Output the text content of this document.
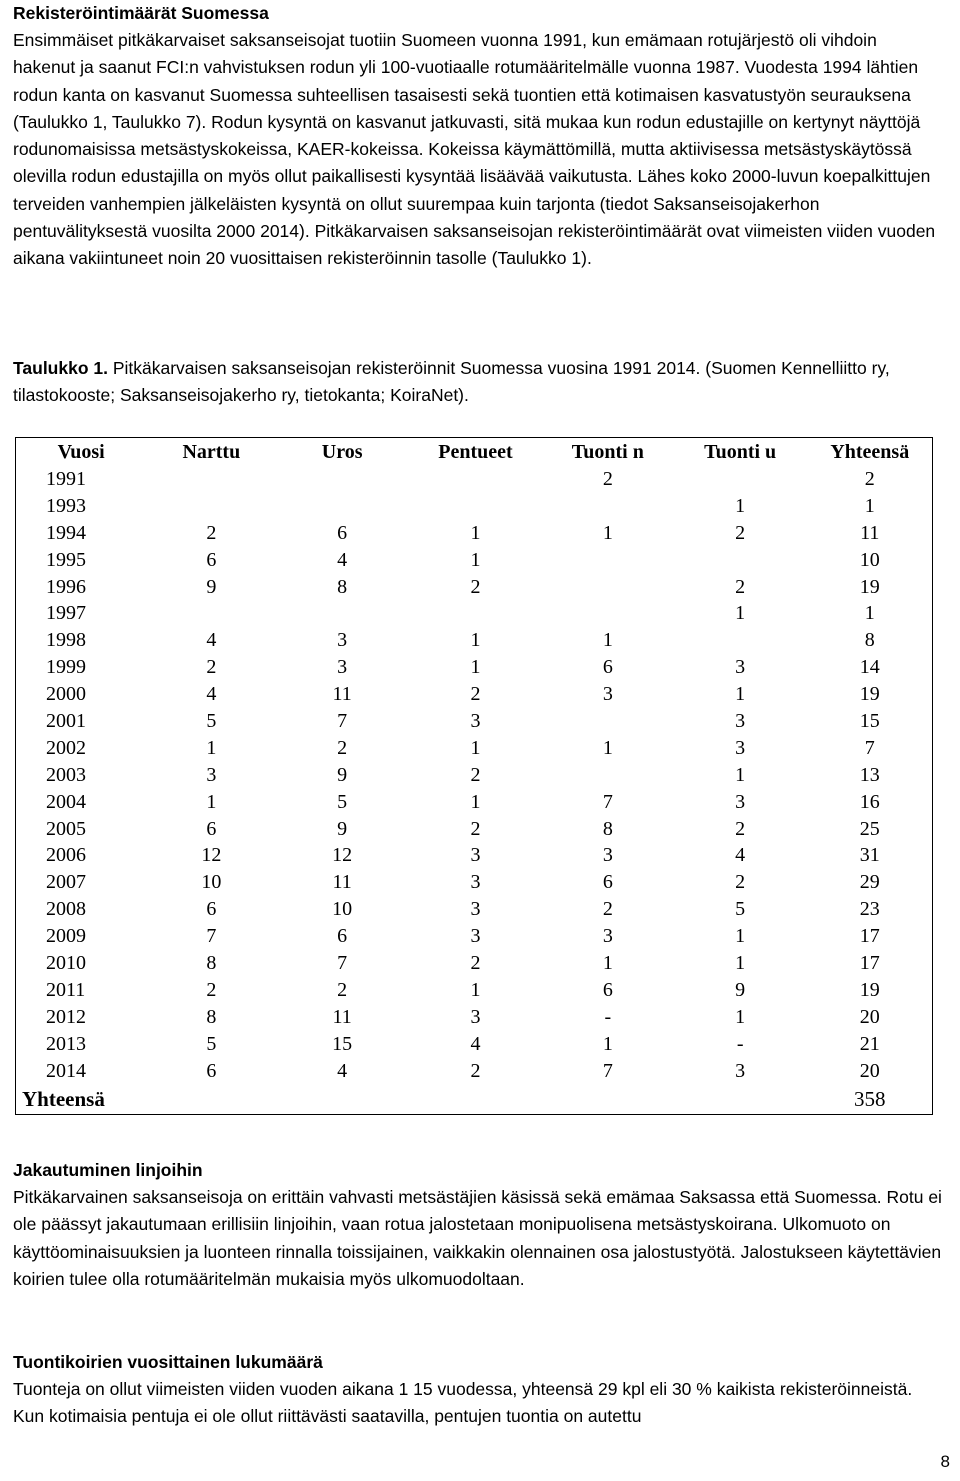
Rekisteröintimäärät Suomessa

Ensimmäiset pitkäkarvaiset saksanseisojat tuotiin Suomeen vuonna 1991, kun emämaan rotujärjestö oli vihdoin hakenut ja saanut FCI:n vahvistuksen rodun yli 100-vuotiaalle rotumääritelmälle vuonna 1987. Vuodesta 1994 lähtien rodun kanta on kasvanut Suomessa suhteellisen tasaisesti sekä tuontien että kotimaisen kasvatustyön seurauksena (Taulukko 1, Taulukko 7). Rodun kysyntä on kasvanut jatkuvasti, sitä mukaa kun rodun edustajille on kertynyt näyttöjä rodunomaisissa metsästyskokeissa, KAER-kokeissa. Kokeissa käymättömillä, mutta aktiivisessa metsästyskäytössä olevilla rodun edustajilla on myös ollut paikallisesti kysyntää lisäävää vaikutusta. Lähes koko 2000-luvun koepalkittujen terveiden vanhempien jälkeläisten kysyntä on ollut suurempaa kuin tarjonta (tiedot Saksanseisojakerhon pentuvälityksestä vuosilta 2000 2014). Pitkäkarvaisen saksanseisojan rekisteröintimäärät ovat viimeisten viiden vuoden aikana vakiintuneet noin 20 vuosittaisen rekisteröinnin tasolle (Taulukko 1).

Taulukko 1. Pitkäkarvaisen saksanseisojan rekisteröinnit Suomessa vuosina 1991 2014. (Suomen Kennelliitto ry, tilastokooste; Saksanseisojakerho ry, tietokanta; KoiraNet).

Vuosi	Narttu	Uros	Pentueet	Tuonti n	Tuonti u	Yhteensä
1991				2		2
1993					1	1
1994	2	6	1	1	2	11
1995	6	4	1			10
1996	9	8	2		2	19
1997					1	1
1998	4	3	1	1		8
1999	2	3	1	6	3	14
2000	4	11	2	3	1	19
2001	5	7	3		3	15
2002	1	2	1	1	3	7
2003	3	9	2		1	13
2004	1	5	1	7	3	16
2005	6	9	2	8	2	25
2006	12	12	3	3	4	31
2007	10	11	3	6	2	29
2008	6	10	3	2	5	23
2009	7	6	3	3	1	17
2010	8	7	2	1	1	17
2011	2	2	1	6	9	19
2012	8	11	3	-	1	20
2013	5	15	4	1	-	21
2014	6	4	2	7	3	20
Yhteensä						358
Jakautuminen linjoihin

Pitkäkarvainen saksanseisoja on erittäin vahvasti metsästäjien käsissä sekä emämaa Saksassa että Suomessa. Rotu ei ole päässyt jakautumaan erillisiin linjoihin, vaan rotua jalostetaan monipuolisena metsästyskoirana. Ulkomuoto on käyttöominaisuuksien ja luonteen rinnalla toissijainen, vaikkakin olennainen osa jalostustyötä. Jalostukseen käytettävien koirien tulee olla rotumääritelmän mukaisia myös ulkomuodoltaan.

Tuontikoirien vuosittainen lukumäärä

Tuonteja on ollut viimeisten viiden vuoden aikana 1 15 vuodessa, yhteensä 29 kpl eli 30 % kaikista rekisteröinneistä. Kun kotimaisia pentuja ei ole ollut riittävästi saatavilla, pentujen tuontia on autettu

8
